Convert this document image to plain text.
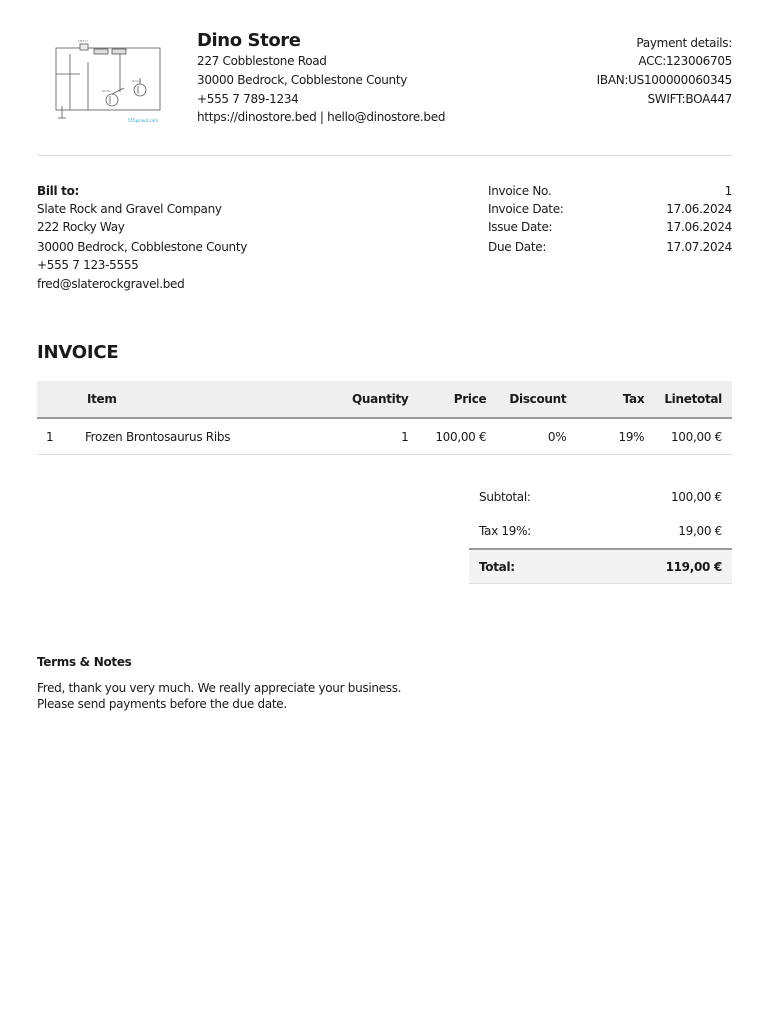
LM317
Green
White
555pinout.com
Dino Store
227 Cobblestone Road
30000 Bedrock, Cobblestone County
+555 7 789-1234
https://dinostore.bed | hello@dinostore.bed
Payment details:
ACC:123006705
IBAN:US100000060345
SWIFT:BOA447
Bill to:
Slate Rock and Gravel Company
222 Rocky Way
30000 Bedrock, Cobblestone County
+555 7 123-5555
fred@slaterockgravel.bed
Invoice No.	1
Invoice Date:	17.06.2024
Issue Date:	17.06.2024
Due Date:	17.07.2024
INVOICE
	Item	Quantity	Price	Discount	Tax	Linetotal
1	Frozen Brontosaurus Ribs	1	100,00 €	0%	19%	100,00 €
Subtotal:	100,00 €
Tax 19%:	19,00 €
Total:	119,00 €
Terms & Notes
Fred, thank you very much. We really appreciate your business.
Please send payments before the due date.
